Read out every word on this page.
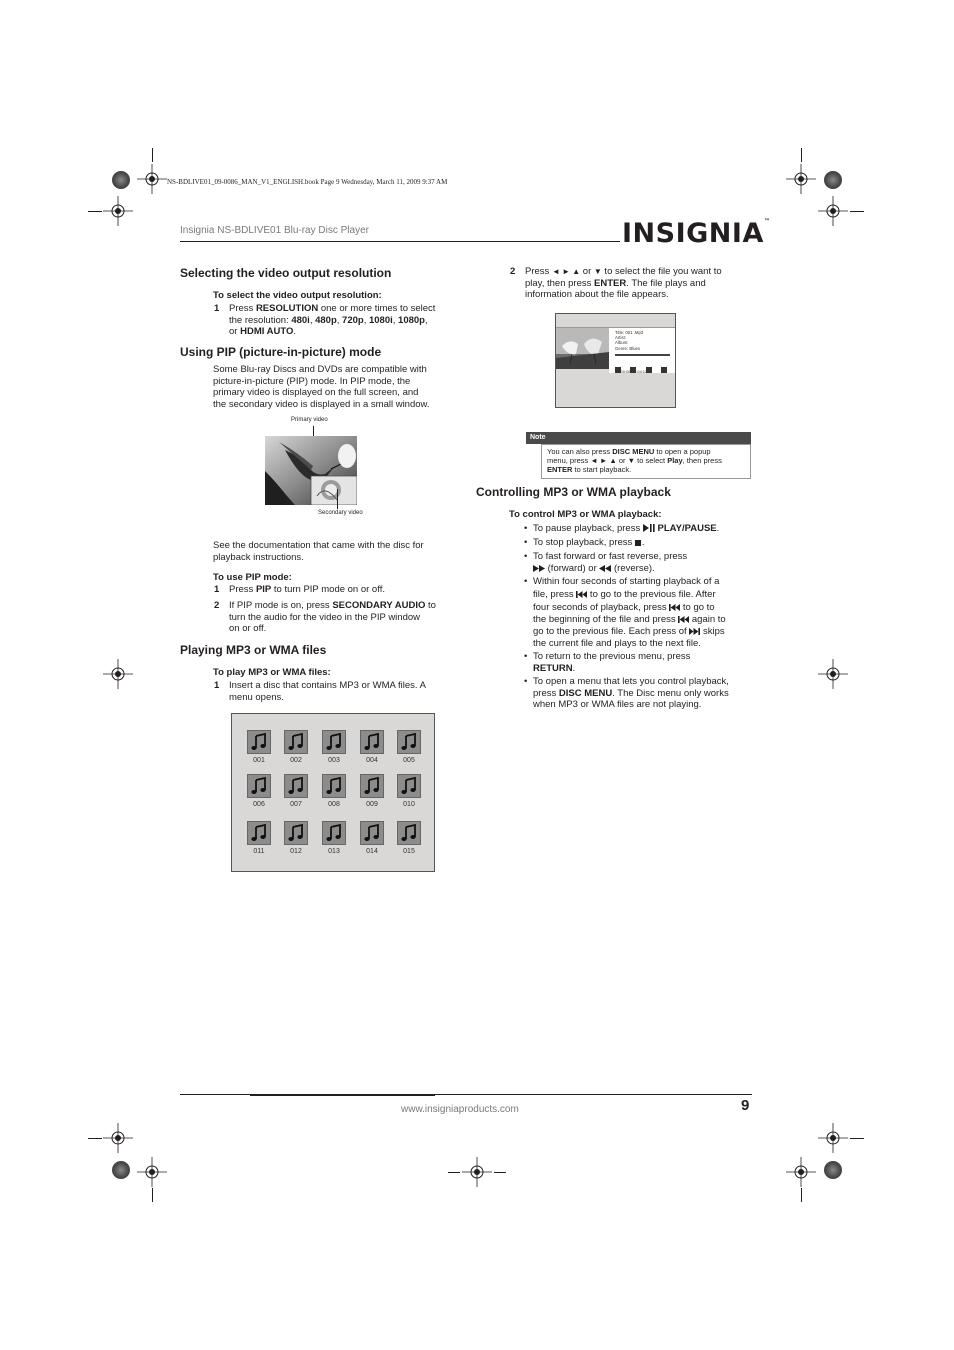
NS-BDLIVE01_09-0086_MAN_V1_ENGLISH.book Page 9 Wednesday, March 11, 2009 9:37 AM
Insignia NS-BDLIVE01 Blu-ray Disc Player	INSIGNIA™
Selecting the video output resolution
To select the video output resolution:
1 Press RESOLUTION one or more times to select
the resolution: 480i, 480p, 720p, 1080i, 1080p,
or HDMI AUTO.
Using PIP (picture-in-picture) mode
Some Blu-ray Discs and DVDs are compatible with
picture-in-picture (PIP) mode. In PIP mode, the
primary video is displayed on the full screen, and
the secondary video is displayed in a small window.
Primary video
Secondary video
See the documentation that came with the disc for
playback instructions.
To use PIP mode:
1 Press PIP to turn PIP mode on or off.
2 If PIP mode is on, press SECONDARY AUDIO to
turn the audio for the video in the PIP window
on or off.
Playing MP3 or WMA files
To play MP3 or WMA files:
1 Insert a disc that contains MP3 or WMA files. A
menu opens.
001	002	003	004	005
006	007	008	009	010
011	012	013	014	015
2 Press ◄ ► ▲ or ▼ to select the file you want to
play, then press ENTER. The file plays and
information about the file appears.
Title: 001 .Mp3
Artist:
Album:
Genre: Blues

00:00:08/00:04:12
Note
You can also press DISC MENU to open a popup
menu, press ◄ ► ▲ or ▼ to select Play, then press
ENTER to start playback.
Controlling MP3 or WMA playback
To control MP3 or WMA playback:
• To pause playback, press  PLAY/PAUSE.
• To stop playback, press .
• To fast forward or fast reverse, press
(forward) or  (reverse).
• Within four seconds of starting playback of a
file, press  to go to the previous file. After
four seconds of playback, press  to go to
the beginning of the file and press  again to
go to the previous file. Each press of  skips
the current file and plays to the next file.
• To return to the previous menu, press
RETURN.
• To open a menu that lets you control playback,
press DISC MENU. The Disc menu only works
when MP3 or WMA files are not playing.
www.insigniaproducts.com	9
